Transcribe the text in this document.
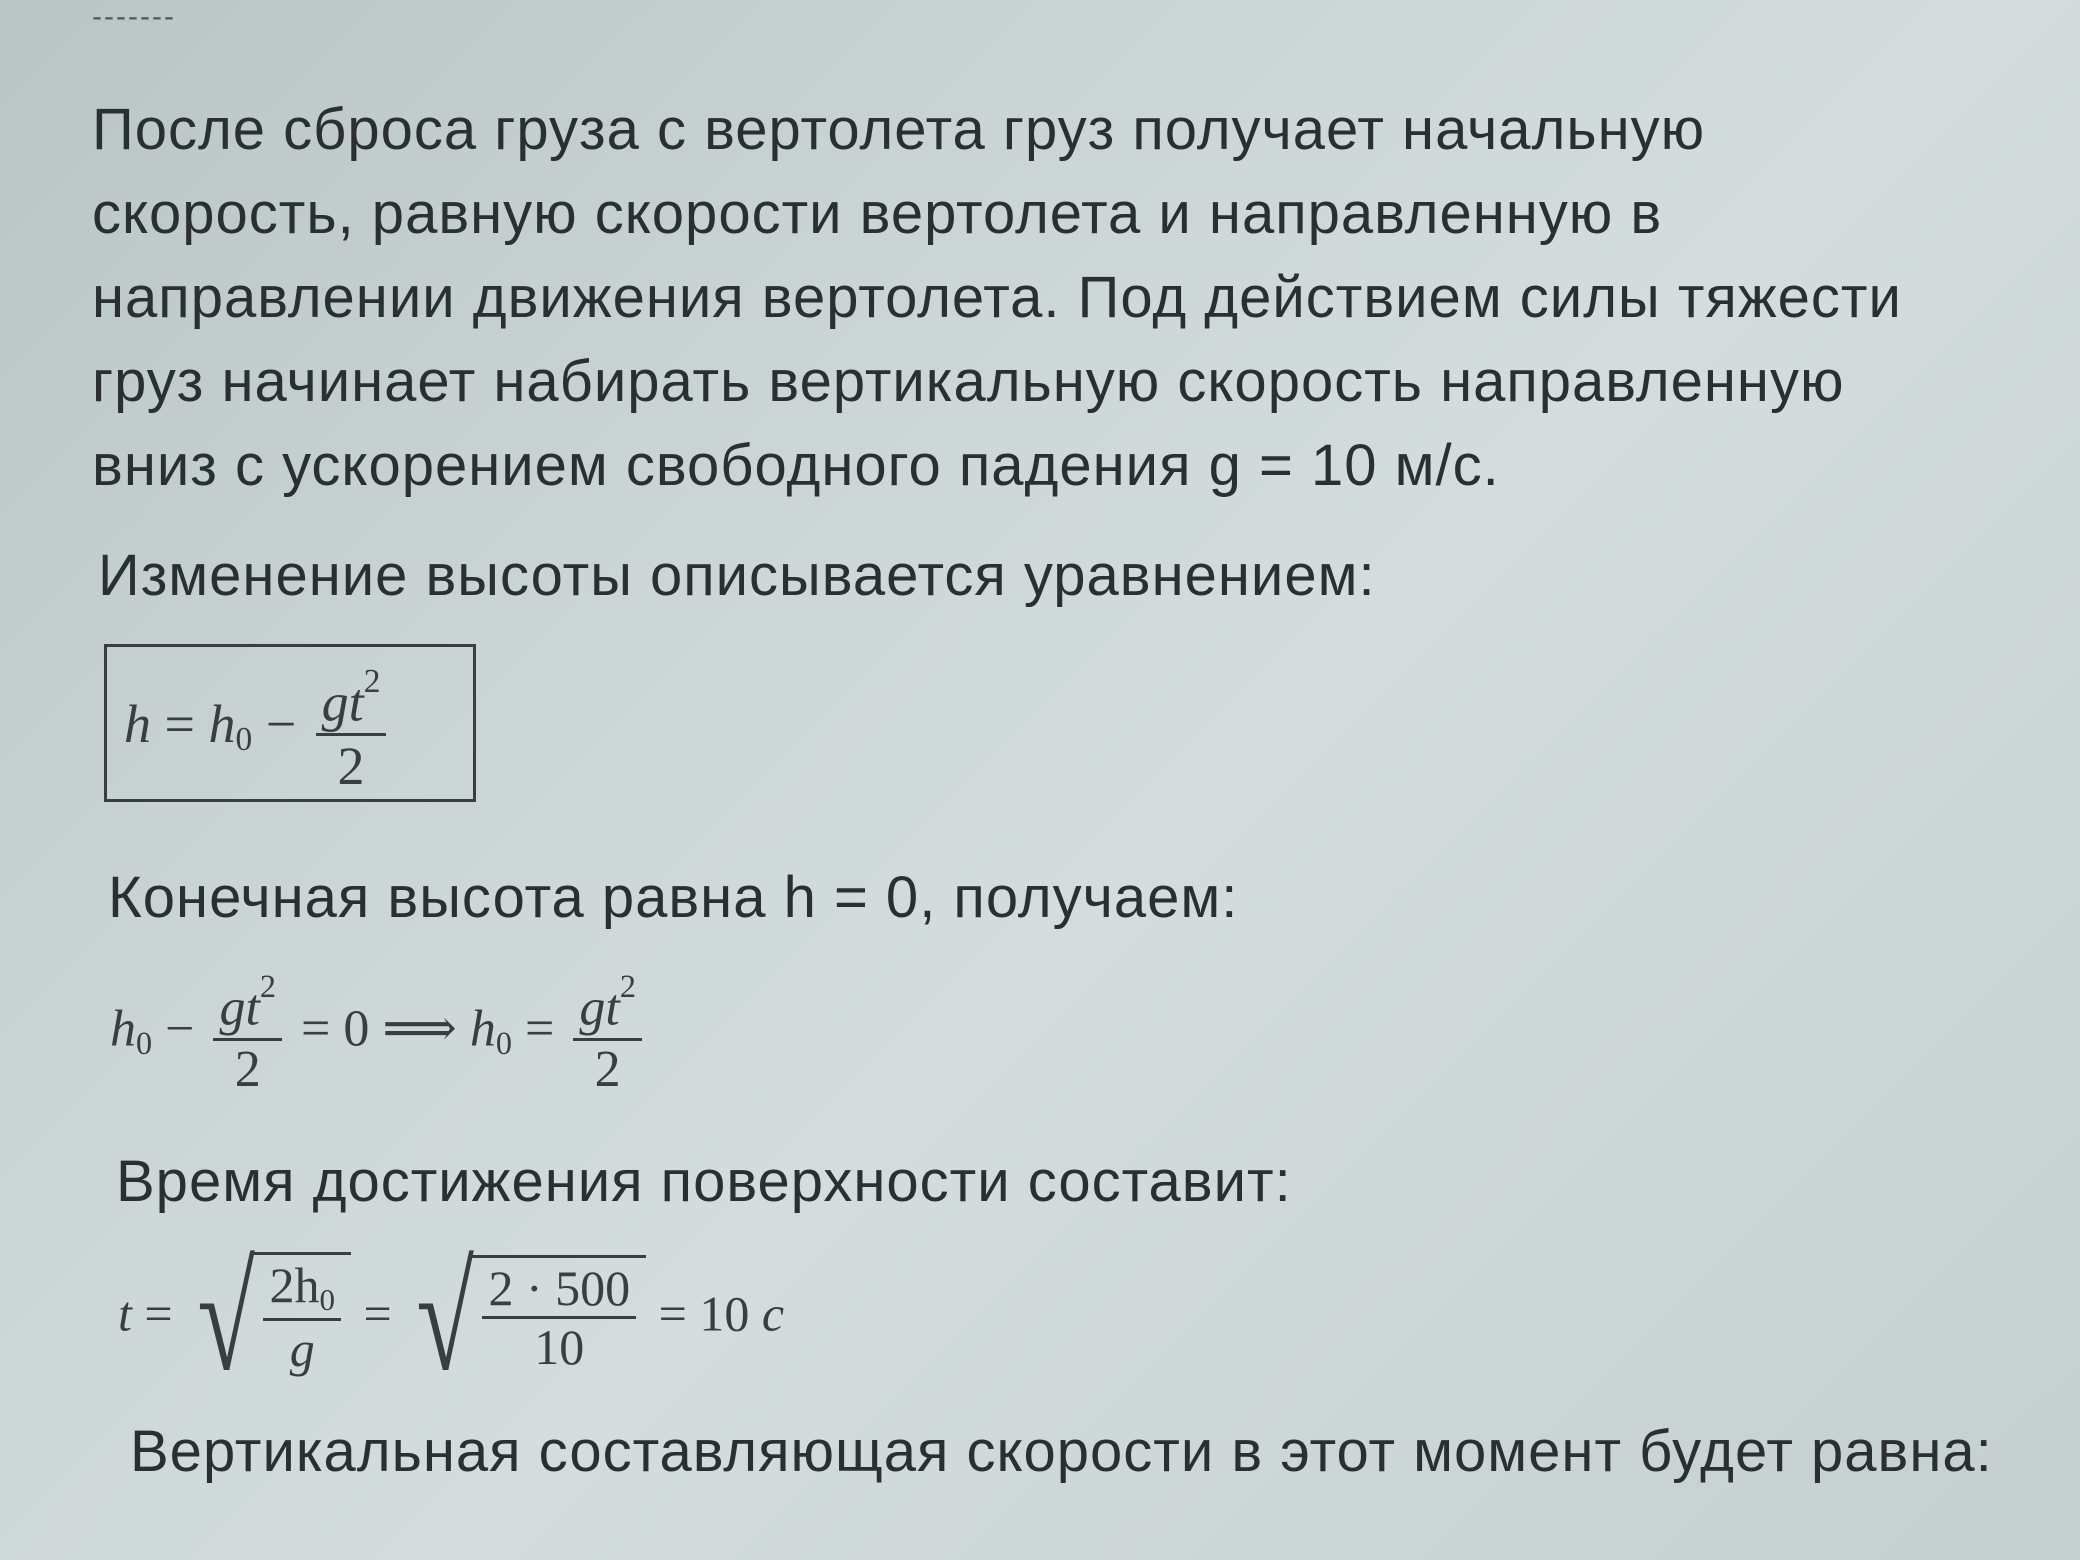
-------
После сброса груза с вертолета груз получает начальную
скорость, равную скорости вертолета и направленную в
направлении движения вертолета. Под действием силы тяжести
груз начинает набирать вертикальную скорость направленную
вниз с ускорением свободного падения g = 10 м/с.
Изменение высоты описывается уравнением:
$h = h_0 - \frac{gt^2}{2}$
Конечная высота равна h = 0, получаем:
$h_0 - \frac{gt^2}{2} = 0$ ⟹ $h_0 = \frac{gt^2}{2}$
Время достижения поверхности составит:
t = √ $\frac{2h_0}{g}$ = √ $\frac{2 \cdot 500}{10} = 10$ c
Вертикальная составляющая скорости в этот момент будет равна:
